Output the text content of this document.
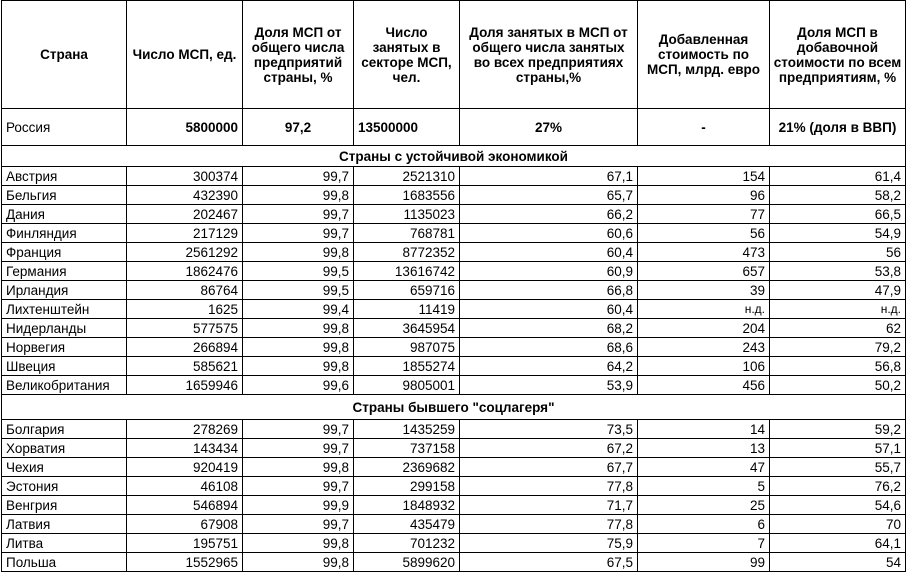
Страна	Число МСП, ед.	Доля МСП от общего числа предприятий страны, %	Число занятых в секторе МСП, чел.	Доля занятых в МСП от общего числа занятых во всех предприятиях страны,%	Добавленная стоимость по МСП, млрд. евро	Доля МСП в добавочной стоимости по всем предприятиям, %
Россия	5800000	97,2	13500000	27%	-	21% (доля в ВВП)
Страны с устойчивой экономикой						
Австрия	300374	99,7	2521310	67,1	154	61,4
Бельгия	432390	99,8	1683556	65,7	96	58,2
Дания	202467	99,7	1135023	66,2	77	66,5
Финляндия	217129	99,7	768781	60,6	56	54,9
Франция	2561292	99,8	8772352	60,4	473	56
Германия	1862476	99,5	13616742	60,9	657	53,8
Ирландия	86764	99,5	659716	66,8	39	47,9
Лихтенштейн	1625	99,4	11419	60,4	н.д.	н.д.
Нидерланды	577575	99,8	3645954	68,2	204	62
Норвегия	266894	99,8	987075	68,6	243	79,2
Швеция	585621	99,8	1855274	64,2	106	56,8
Великобритания	1659946	99,6	9805001	53,9	456	50,2
Страны бывшего "соцлагеря"						
Болгария	278269	99,7	1435259	73,5	14	59,2
Хорватия	143434	99,7	737158	67,2	13	57,1
Чехия	920419	99,8	2369682	67,7	47	55,7
Эстония	46108	99,7	299158	77,8	5	76,2
Венгрия	546894	99,9	1848932	71,7	25	54,6
Латвия	67908	99,7	435479	77,8	6	70
Литва	195751	99,8	701232	75,9	7	64,1
Польша	1552965	99,8	5899620	67,5	99	54
